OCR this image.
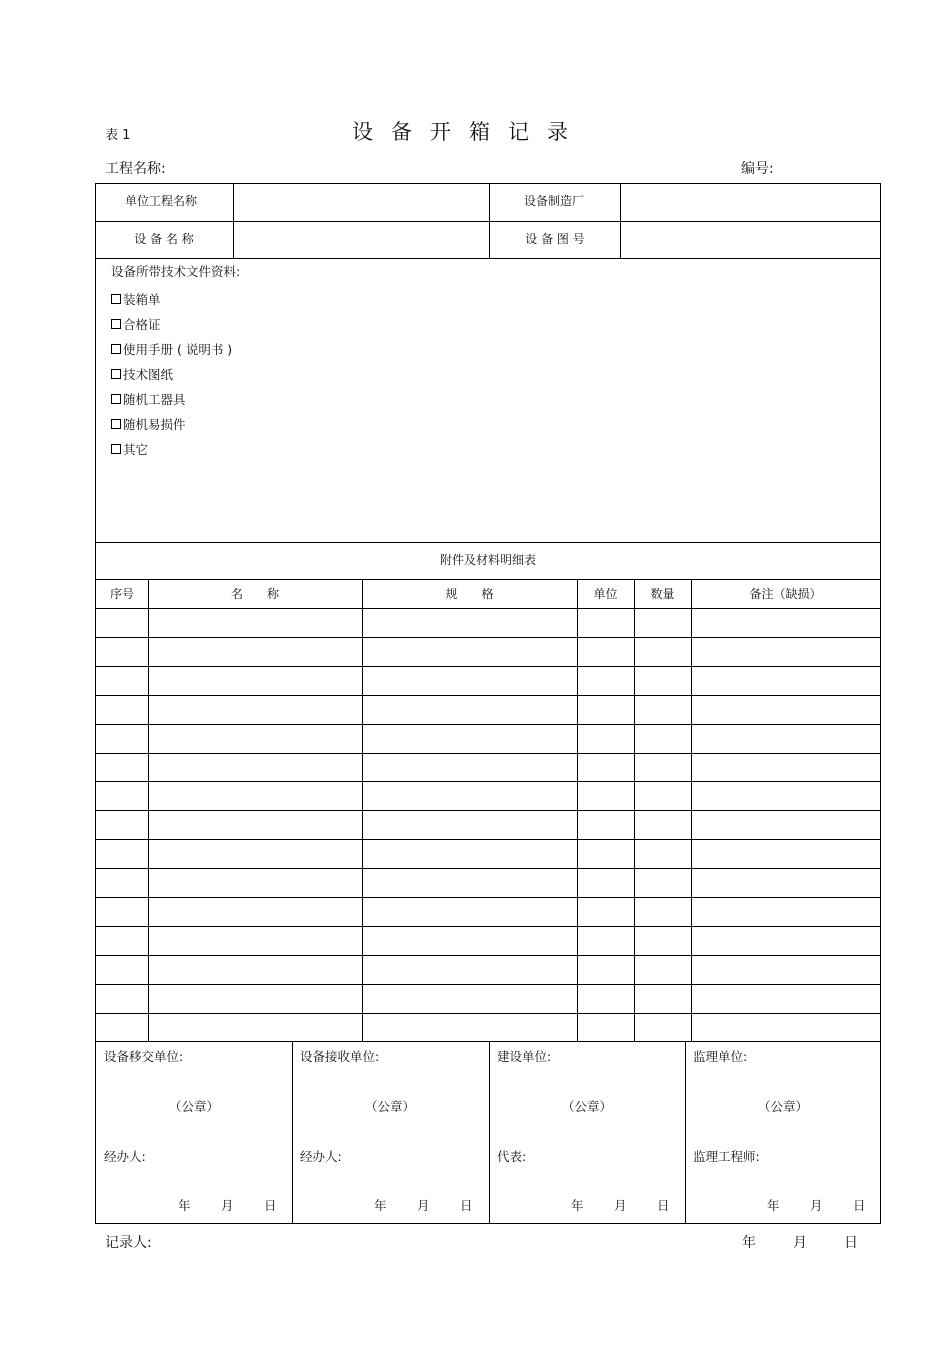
表 1	设备开箱记录
工程名称:	编号:
单位工程名称	设备制造厂
设 备 名 称	设 备 图 号
设备所带技术文件资料:
装箱单
合格证
使用手册 ( 说明书 )
技术图纸
随机工器具
随机易损件
其它
附件及材料明细表
序号	名　　称	规　　格	单位	数量	备注（缺损）
设备移交单位:
（公章）
经办人:
年 月 日
设备接收单位:
（公章）
经办人:
年 月 日
建设单位:
（公章）
代表:
年 月 日
监理单位:
（公章）
监理工程师:
年 月 日
记录人:	年	月	日
